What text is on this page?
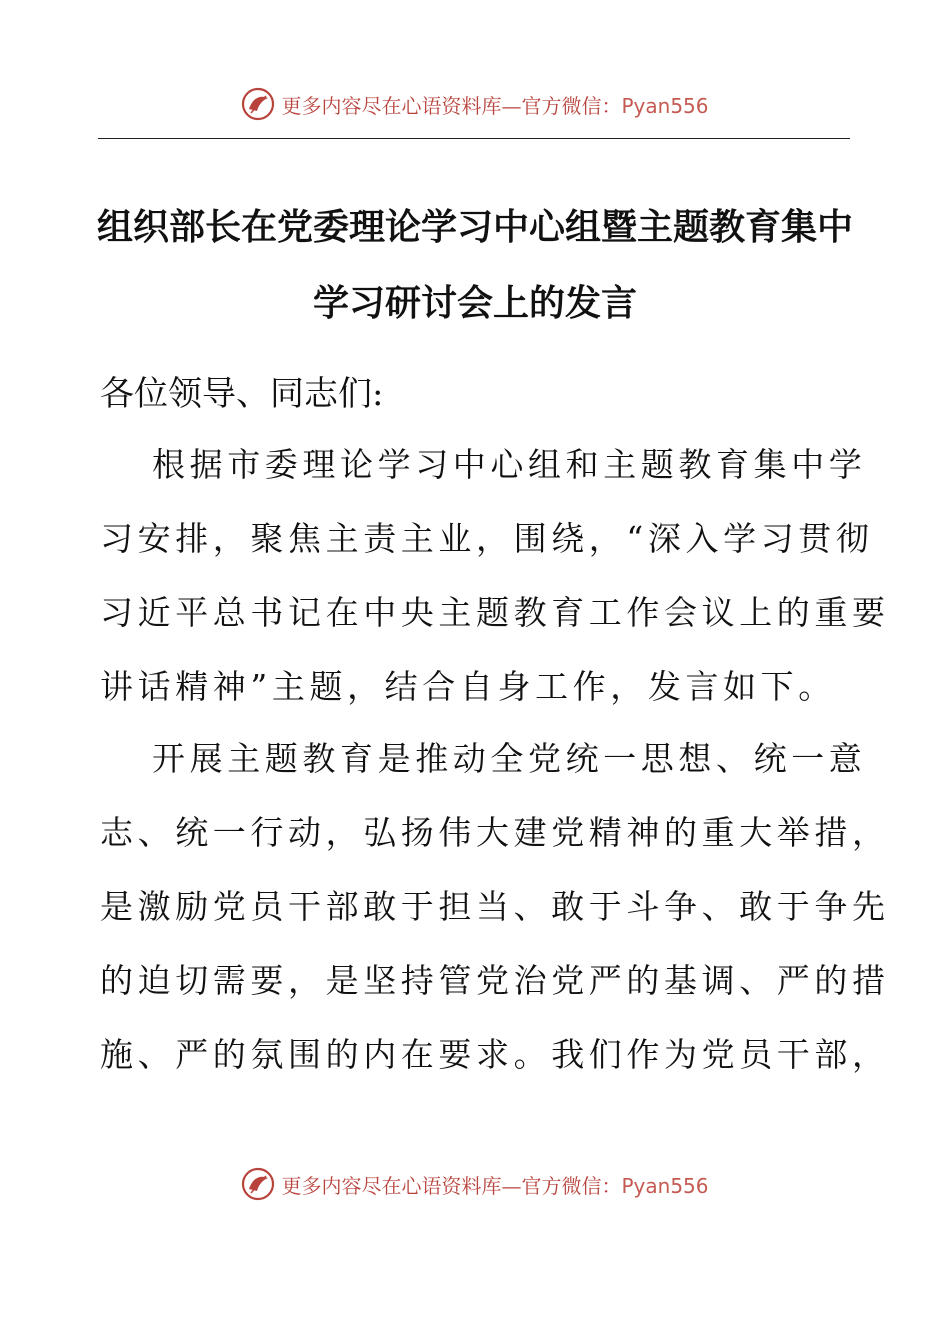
更多内容尽在心语资料库—官方微信：Pyan556
组织部长在党委理论学习中心组暨主题教育集中
学习研讨会上的发言
各位领导、同志们:
根据市委理论学习中心组和主题教育集中学
习安排，聚焦主责主业，围绕，“深入学习贯彻
习近平总书记在中央主题教育工作会议上的重要
讲话精神”主题，结合自身工作，发言如下。
开展主题教育是推动全党统一思想、统一意
志、统一行动，弘扬伟大建党精神的重大举措，
是激励党员干部敢于担当、敢于斗争、敢于争先
的迫切需要，是坚持管党治党严的基调、严的措
施、严的氛围的内在要求。我们作为党员干部，
更多内容尽在心语资料库—官方微信：Pyan556
